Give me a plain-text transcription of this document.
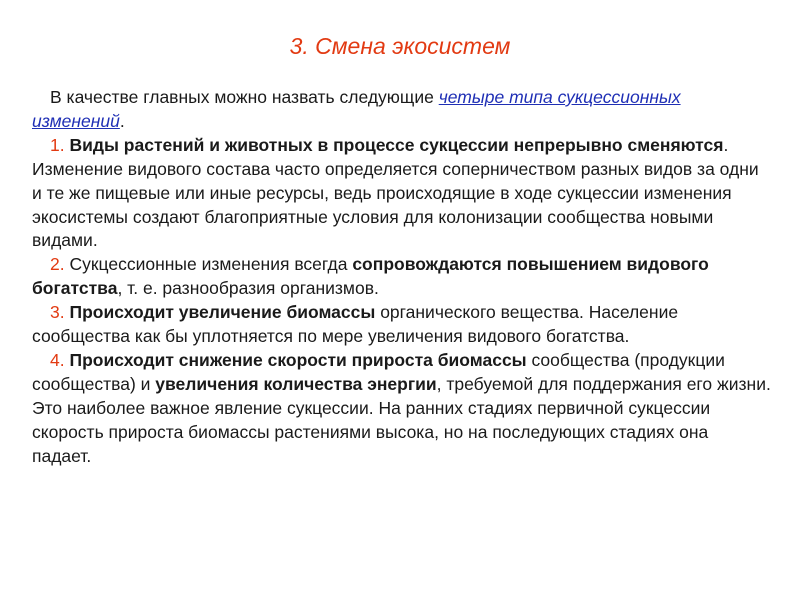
3. Смена экосистем

В качестве главных можно назвать следующие четыре типа сукцессионных изменений.

1. Виды растений и животных в процессе сукцессии непрерывно сменяются. Изменение видового состава часто определяется соперничеством разных видов за одни и те же пищевые или иные ресурсы, ведь происходящие в ходе сукцессии изменения экосистемы создают благоприятные условия для колонизации сообщества новыми видами.

2. Сукцессионные изменения всегда сопровождаются повышением видового богатства, т. е. разнообразия организмов.

3. Происходит увеличение биомассы органического вещества. Население сообщества как бы уплотняется по мере увеличения видового богатства.

4. Происходит снижение скорости прироста биомассы сообщества (продукции сообщества) и увеличения количества энергии, требуемой для поддержания его жизни. Это наиболее важное явление сукцессии. На ранних стадиях первичной сукцессии скорость прироста биомассы растениями высока, но на последующих стадиях она падает.
